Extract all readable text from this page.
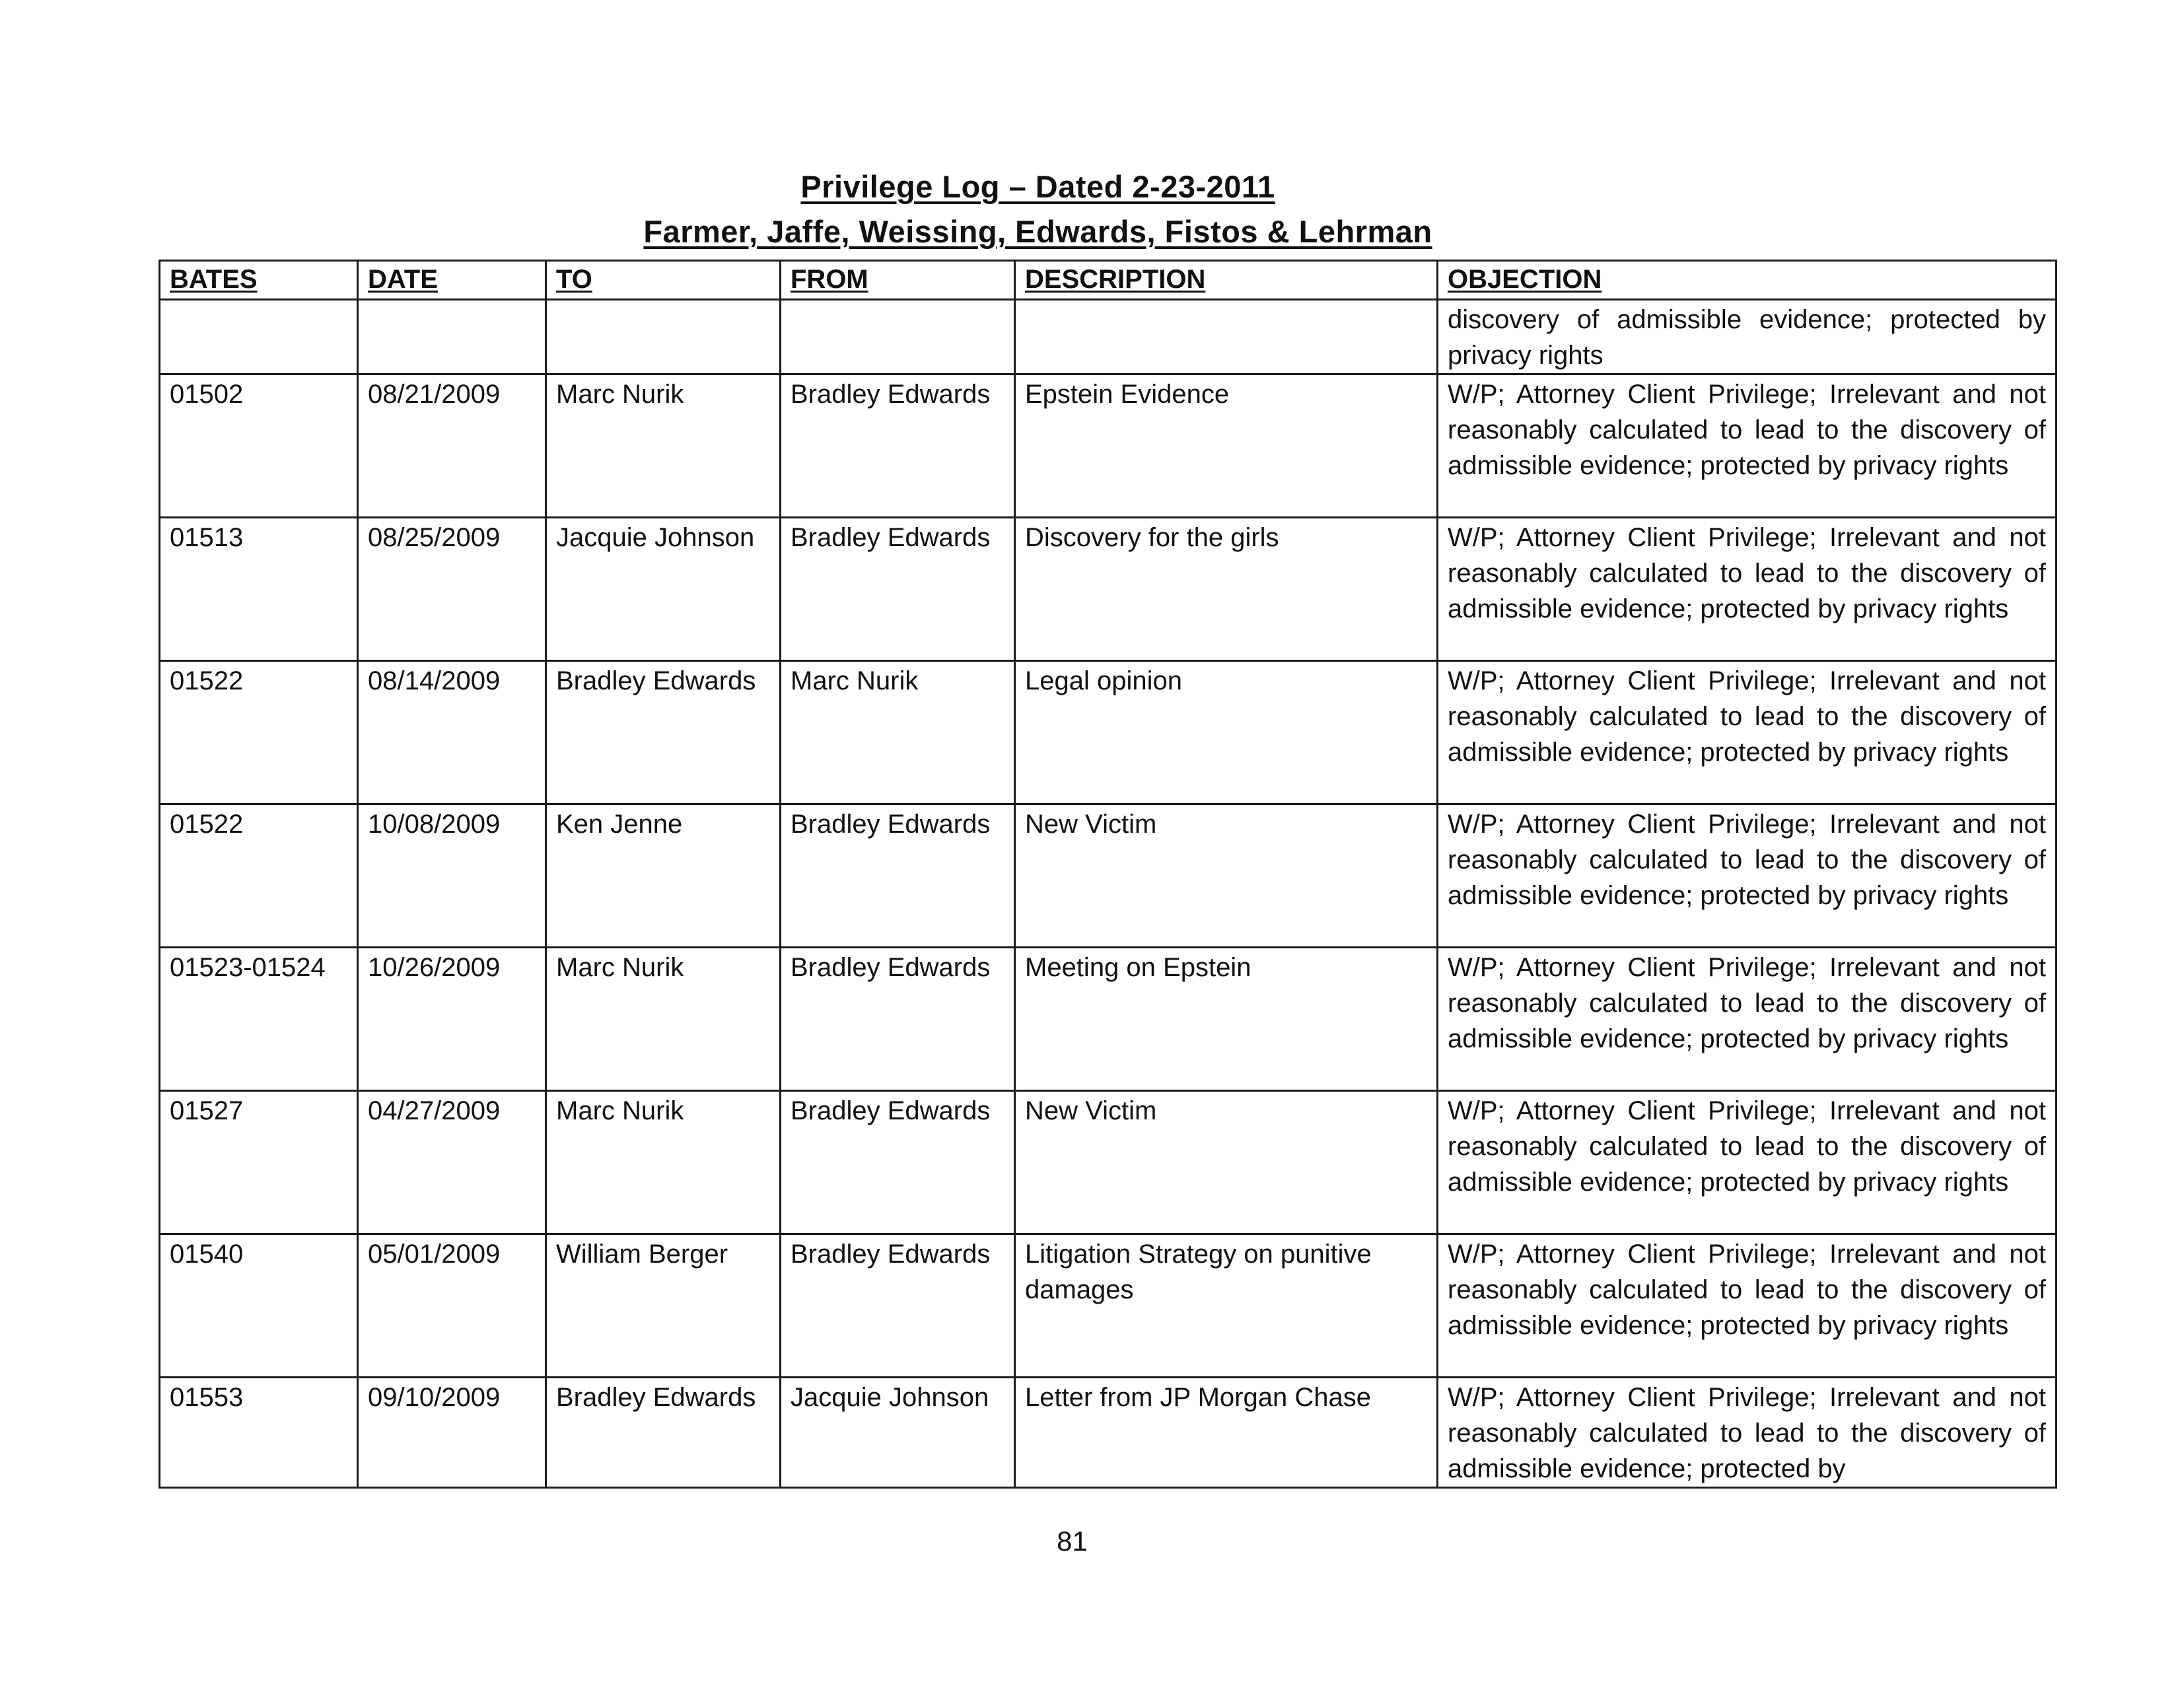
Privilege Log – Dated 2-23-2011
Farmer, Jaffe, Weissing, Edwards, Fistos & Lehrman
BATES	DATE	TO	FROM	DESCRIPTION	OBJECTION
					discovery of admissible evidence; protected by privacy rights
01502	08/21/2009	Marc Nurik	Bradley Edwards	Epstein Evidence	W/P; Attorney Client Privilege; Irrelevant and not reasonably calculated to lead to the discovery of admissible evidence; protected by privacy rights
01513	08/25/2009	Jacquie Johnson	Bradley Edwards	Discovery for the girls	W/P; Attorney Client Privilege; Irrelevant and not reasonably calculated to lead to the discovery of admissible evidence; protected by privacy rights
01522	08/14/2009	Bradley Edwards	Marc Nurik	Legal opinion	W/P; Attorney Client Privilege; Irrelevant and not reasonably calculated to lead to the discovery of admissible evidence; protected by privacy rights
01522	10/08/2009	Ken Jenne	Bradley Edwards	New Victim	W/P; Attorney Client Privilege; Irrelevant and not reasonably calculated to lead to the discovery of admissible evidence; protected by privacy rights
01523-01524	10/26/2009	Marc Nurik	Bradley Edwards	Meeting on Epstein	W/P; Attorney Client Privilege; Irrelevant and not reasonably calculated to lead to the discovery of admissible evidence; protected by privacy rights
01527	04/27/2009	Marc Nurik	Bradley Edwards	New Victim	W/P; Attorney Client Privilege; Irrelevant and not reasonably calculated to lead to the discovery of admissible evidence; protected by privacy rights
01540	05/01/2009	William Berger	Bradley Edwards	Litigation Strategy on punitive damages	W/P; Attorney Client Privilege; Irrelevant and not reasonably calculated to lead to the discovery of admissible evidence; protected by privacy rights
01553	09/10/2009	Bradley Edwards	Jacquie Johnson	Letter from JP Morgan Chase	W/P; Attorney Client Privilege; Irrelevant and not reasonably calculated to lead to the discovery of admissible evidence; protected by
81
